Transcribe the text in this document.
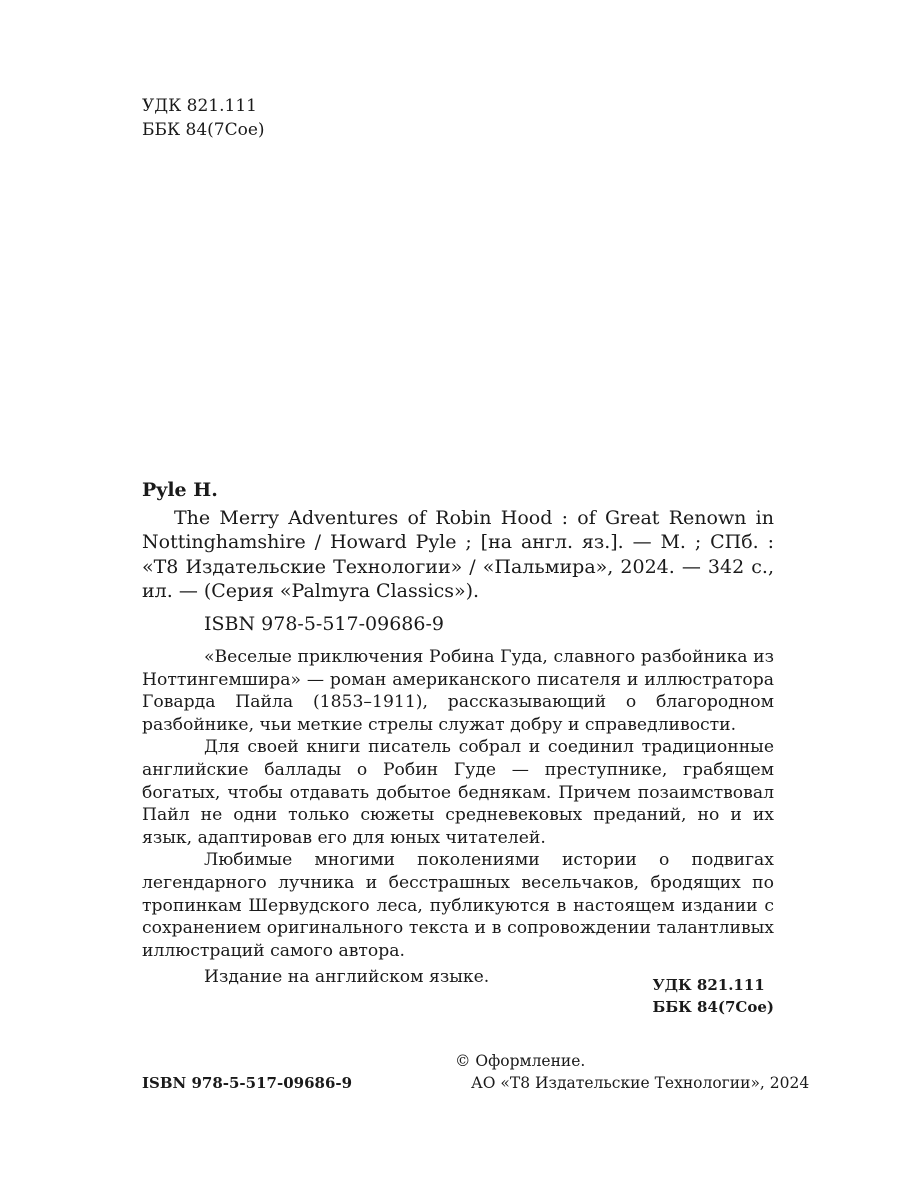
УДК 821.111
ББК 84(7Сое)
Pyle H.

The Merry Adventures of Robin Hood : of Great Renown in Nottinghamshire / Howard Pyle ; [на англ. яз.]. — М. ; СПб. : «Т8 Издательские Технологии» / «Пальмира», 2024. — 342 с., ил. — (Серия «Palmyra Classics»).

ISBN 978-5-517-09686-9

«Веселые приключения Робина Гуда, славного разбойника из Ноттингемшира» — роман американского писателя и иллюстратора Говарда Пайла (1853–1911), рассказывающий о благородном разбойнике, чьи меткие стрелы служат добру и справедливости.

Для своей книги писатель собрал и соединил традиционные английские баллады о Робин Гуде — преступнике, грабящем богатых, чтобы отдавать добытое беднякам. Причем позаимствовал Пайл не одни только сюжеты средневековых преданий, но и их язык, адаптировав его для юных читателей.

Любимые многими поколениями истории о подвигах легендарного лучника и бесстрашных весельчаков, бродящих по тропинкам Шервудского леса, публикуются в настоящем издании с сохранением оригинального текста и в сопровождении талантливых иллюстраций самого автора.

Издание на английском языке.	УДК 821.111
ББК 84(7Сое)
ISBN 978-5-517-09686-9
© Оформление.
АО «Т8 Издательские Технологии», 2024
